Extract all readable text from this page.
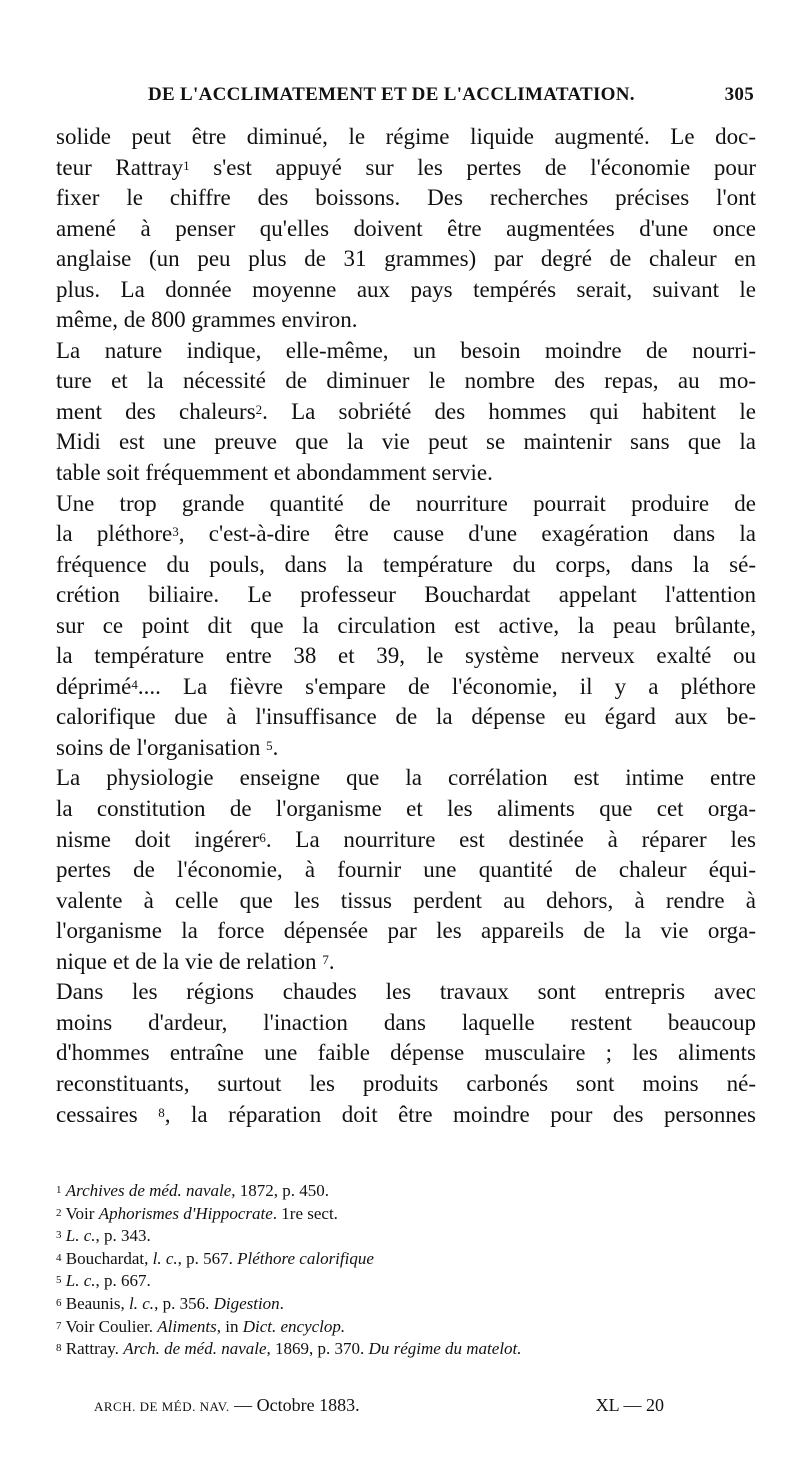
DE L'ACCLIMATEMENT ET DE L'ACCLIMATATION.	305
solide peut être diminué, le régime liquide augmenté. Le doc-
teur Rattray$^1$ s'est appuyé sur les pertes de l'économie pour
fixer le chiffre des boissons. Des recherches précises l'ont
amené à penser qu'elles doivent être augmentées d'une once
anglaise (un peu plus de 31 grammes) par degré de chaleur en
plus. La donnée moyenne aux pays tempérés serait, suivant le
même, de 800 grammes environ.
La nature indique, elle-même, un besoin moindre de nourri-
ture et la nécessité de diminuer le nombre des repas, au mo-
ment des chaleurs$^2$. La sobriété des hommes qui habitent le
Midi est une preuve que la vie peut se maintenir sans que la
table soit fréquemment et abondamment servie.
Une trop grande quantité de nourriture pourrait produire de
la pléthore$^3$, c'est-à-dire être cause d'une exagération dans la
fréquence du pouls, dans la température du corps, dans la sé-
crétion biliaire. Le professeur Bouchardat appelant l'attention
sur ce point dit que la circulation est active, la peau brûlante,
la température entre 38 et 39, le système nerveux exalté ou
déprimé$^4$.... La fièvre s'empare de l'économie, il y a pléthore
calorifique due à l'insuffisance de la dépense eu égard aux be-
soins de l'organisation $^5$.
La physiologie enseigne que la corrélation est intime entre
la constitution de l'organisme et les aliments que cet orga-
nisme doit ingérer$^6$. La nourriture est destinée à réparer les
pertes de l'économie, à fournir une quantité de chaleur équi-
valente à celle que les tissus perdent au dehors, à rendre à
l'organisme la force dépensée par les appareils de la vie orga-
nique et de la vie de relation $^7$.
Dans les régions chaudes les travaux sont entrepris avec
moins d'ardeur, l'inaction dans laquelle restent beaucoup
d'hommes entraîne une faible dépense musculaire ; les aliments
reconstituants, surtout les produits carbonés sont moins né-
cessaires $^8$, la réparation doit être moindre pour des personnes
$^1$ Archives de méd. navale, 1872, p. 450.
$^2$ Voir Aphorismes d'Hippocrate. 1re sect.
$^3$ L. c., p. 343.
$^4$ Bouchardat, l. c., p. 567. Pléthore calorifique
$^5$ L. c., p. 667.
$^6$ Beaunis, l. c., p. 356. Digestion.
$^7$ Voir Coulier. Aliments, in Dict. encyclop.
$^8$ Rattray. Arch. de méd. navale, 1869, p. 370. Du régime du matelot.
ARCH. DE MÉD. NAV. — Octobre 1883.	XL — 20
